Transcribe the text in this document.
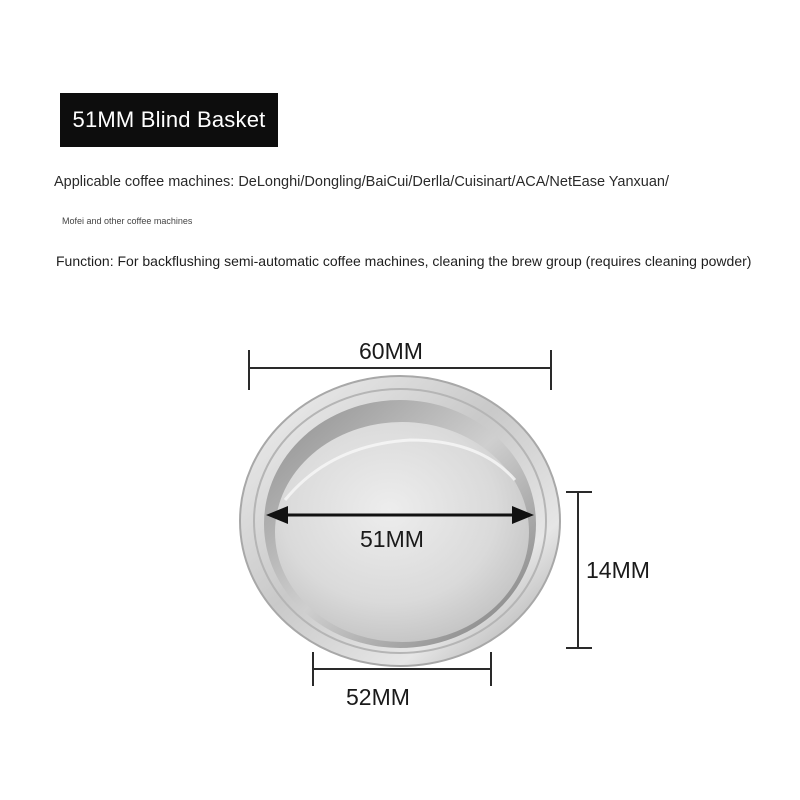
51MM Blind Basket
Applicable coffee machines: DeLonghi/Dongling/BaiCui/Derlla/Cuisinart/ACA/NetEase Yanxuan/
Mofei and other coffee machines
Function: For backflushing semi-automatic coffee machines, cleaning the brew group (requires cleaning powder)
60MM
51MM
14MM
52MM
